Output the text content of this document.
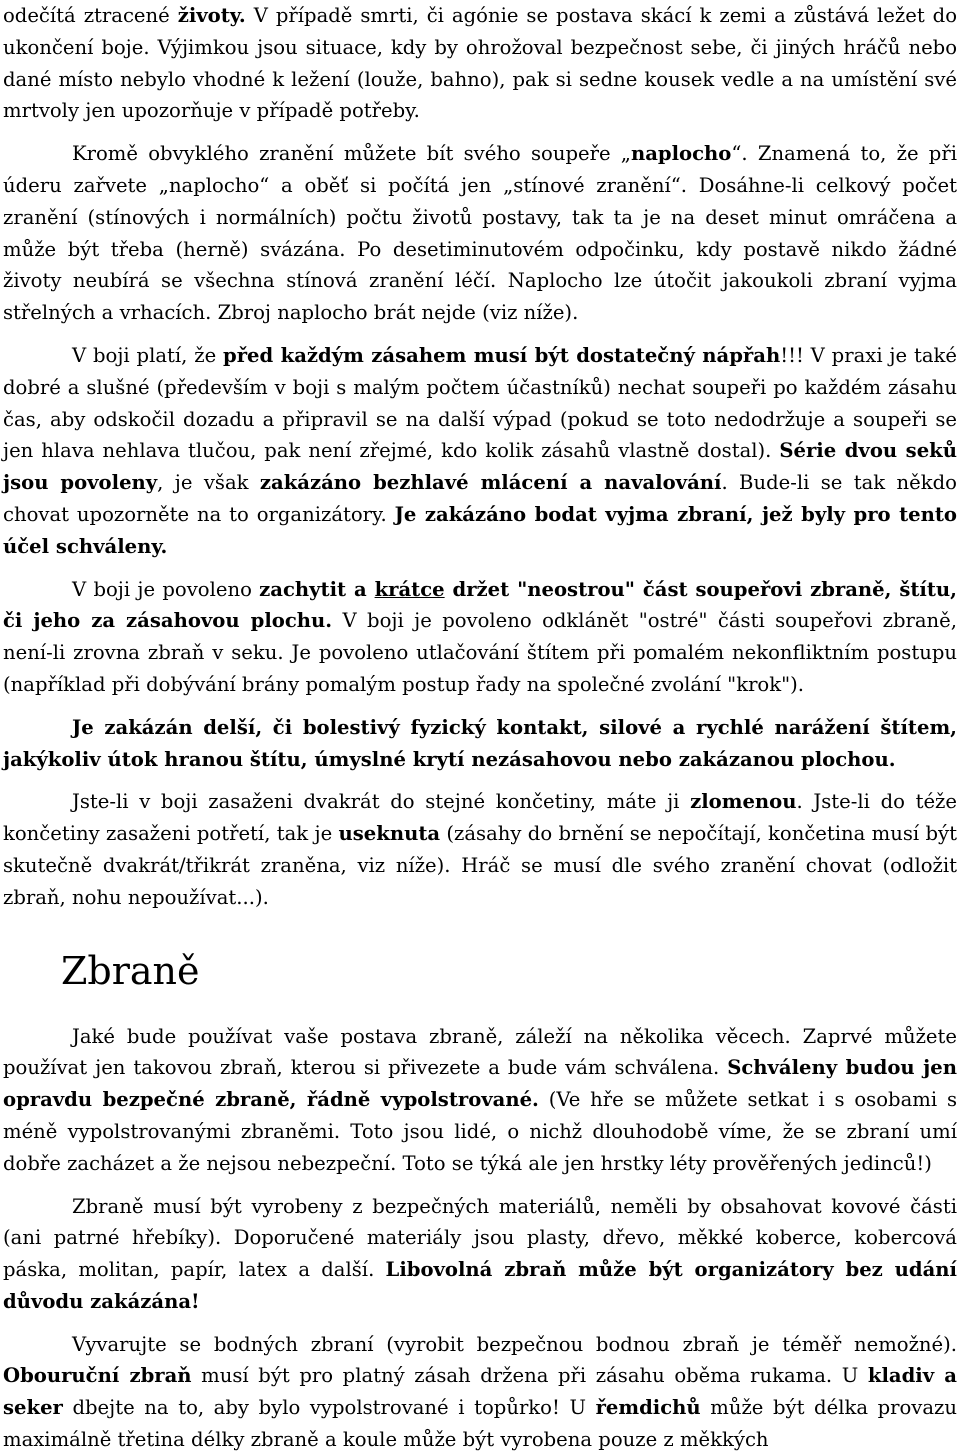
odečítá ztracené životy. V případě smrti, či agónie se postava skácí k zemi a zůstává ležet do ukončení boje. Výjimkou jsou situace, kdy by ohrožoval bezpečnost sebe, či jiných hráčů nebo dané místo nebylo vhodné k ležení (louže, bahno), pak si sedne kousek vedle a na umístění své mrtvoly jen upozorňuje v případě potřeby.

Kromě obvyklého zranění můžete bít svého soupeře „naplocho“. Znamená to, že při úderu zařvete „naplocho“ a oběť si počítá jen „stínové zranění“. Dosáhne-li celkový počet zranění (stínových i normálních) počtu životů postavy, tak ta je na deset minut omráčena a může být třeba (herně) svázána. Po desetiminutovém odpočinku, kdy postavě nikdo žádné životy neubírá se všechna stínová zranění léčí. Naplocho lze útočit jakoukoli zbraní vyjma střelných a vrhacích. Zbroj naplocho brát nejde (viz níže).

V boji platí, že před každým zásahem musí být dostatečný nápřah!!! V praxi je také dobré a slušné (především v boji s malým počtem účastníků) nechat soupeři po každém zásahu čas, aby odskočil dozadu a připravil se na další výpad (pokud se toto nedodržuje a soupeři se jen hlava nehlava tlučou, pak není zřejmé, kdo kolik zásahů vlastně dostal). Série dvou seků jsou povoleny, je však zakázáno bezhlavé mlácení a navalování. Bude-li se tak někdo chovat upozorněte na to organizátory. Je zakázáno bodat vyjma zbraní, jež byly pro tento účel schváleny.

V boji je povoleno zachytit a krátce držet "neostrou" část soupeřovi zbraně, štítu, či jeho za zásahovou plochu. V boji je povoleno odklánět "ostré" části soupeřovi zbraně, není-li zrovna zbraň v seku. Je povoleno utlačování štítem při pomalém nekonfliktním postupu (například při dobývání brány pomalým postup řady na společné zvolání "krok").

Je zakázán delší, či bolestivý fyzický kontakt, silové a rychlé narážení štítem, jakýkoliv útok hranou štítu, úmyslné krytí nezásahovou nebo zakázanou plochou.

Jste-li v boji zasaženi dvakrát do stejné končetiny, máte ji zlomenou. Jste-li do téže končetiny zasaženi potřetí, tak je useknuta (zásahy do brnění se nepočítají, končetina musí být skutečně dvakrát/třikrát zraněna, viz níže). Hráč se musí dle svého zranění chovat (odložit zbraň, nohu nepoužívat...).

Zbraně

Jaké bude používat vaše postava zbraně, záleží na několika věcech. Zaprvé můžete používat jen takovou zbraň, kterou si přivezete a bude vám schválena. Schváleny budou jen opravdu bezpečné zbraně, řádně vypolstrované. (Ve hře se můžete setkat i s osobami s méně vypolstrovanými zbraněmi. Toto jsou lidé, o nichž dlouhodobě víme, že se zbraní umí dobře zacházet a že nejsou nebezpeční. Toto se týká ale jen hrstky léty prověřených jedinců!)

Zbraně musí být vyrobeny z bezpečných materiálů, neměli by obsahovat kovové části (ani patrné hřebíky). Doporučené materiály jsou plasty, dřevo, měkké koberce, kobercová páska, molitan, papír, latex a další. Libovolná zbraň může být organizátory bez udání důvodu zakázána!

Vyvarujte se bodných zbraní (vyrobit bezpečnou bodnou zbraň je téměř nemožné). Obouruční zbraň musí být pro platný zásah držena při zásahu oběma rukama. U kladiv a seker dbejte na to, aby bylo vypolstrované i topůrko! U řemdichů může být délka provazu maximálně třetina délky zbraně a koule může být vyrobena pouze z měkkých
